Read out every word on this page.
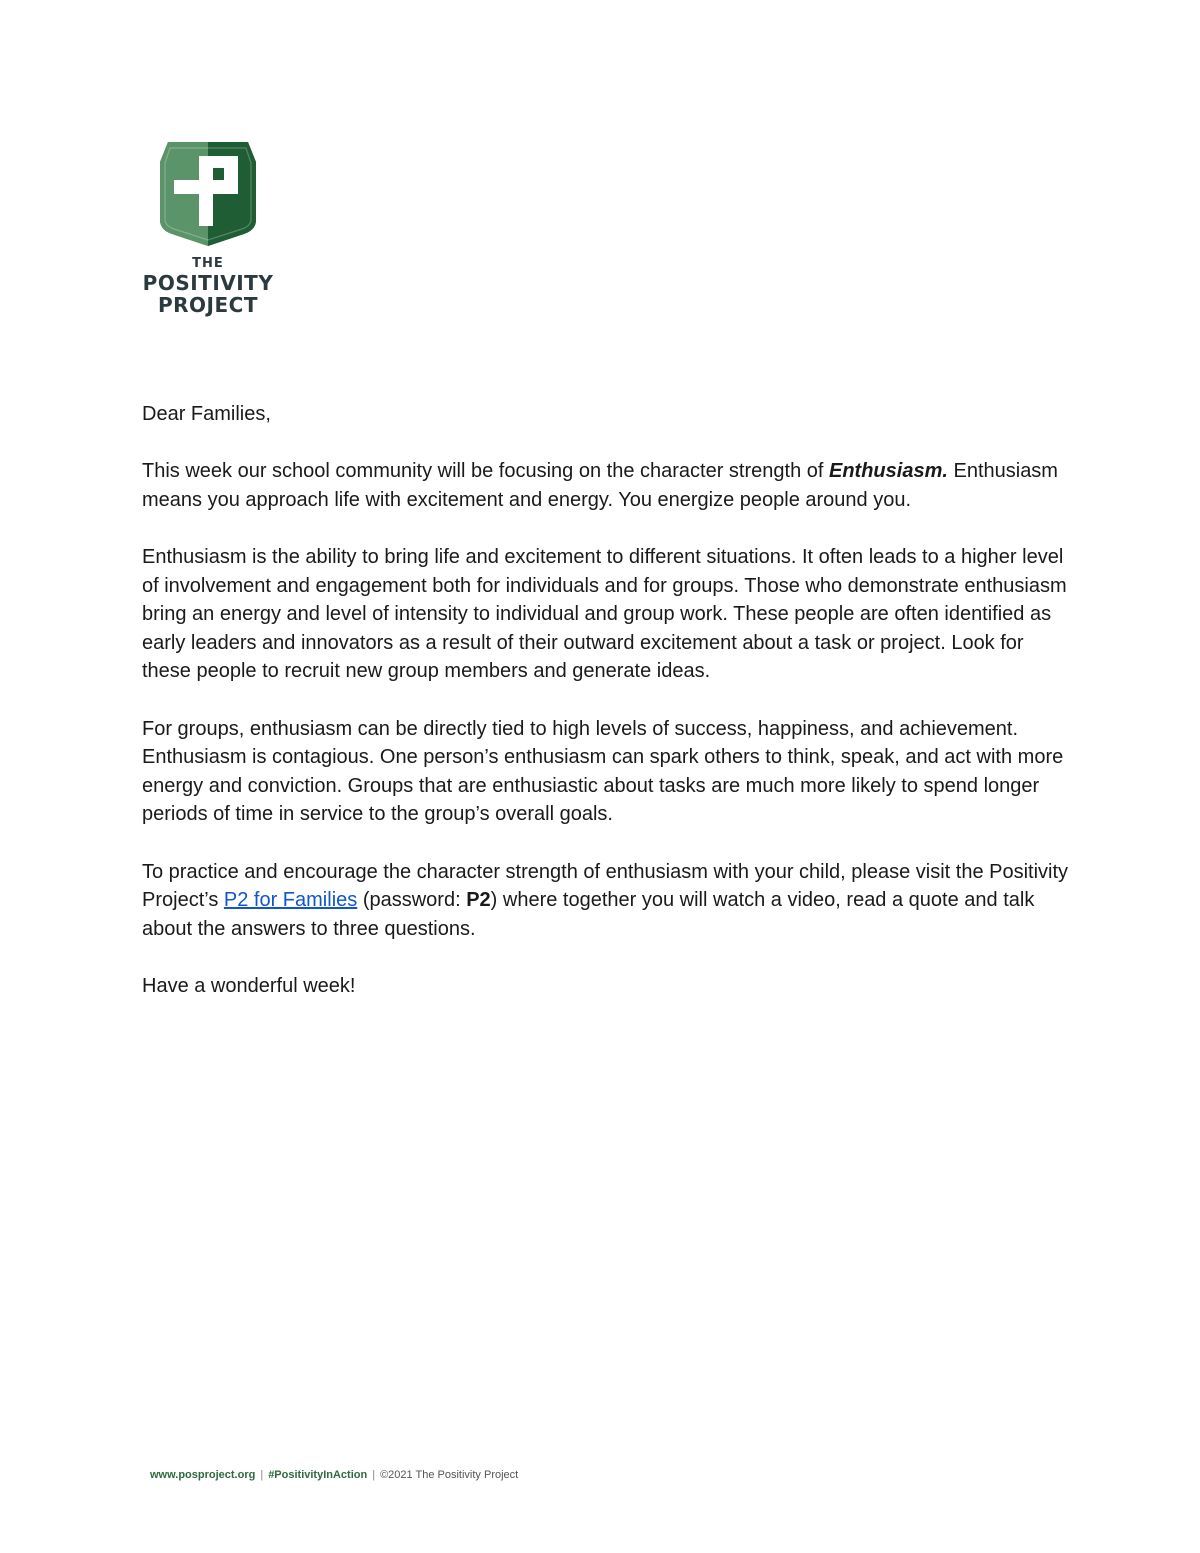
THE
POSITIVITY
PROJECT

Dear Families,

This week our school community will be focusing on the character strength of Enthusiasm. Enthusiasm means you approach life with excitement and energy. You energize people around you.

Enthusiasm is the ability to bring life and excitement to different situations. It often leads to a higher level of involvement and engagement both for individuals and for groups. Those who demonstrate enthusiasm bring an energy and level of intensity to individual and group work. These people are often identified as early leaders and innovators as a result of their outward excitement about a task or project. Look for these people to recruit new group members and generate ideas.

For groups, enthusiasm can be directly tied to high levels of success, happiness, and achievement. Enthusiasm is contagious. One person’s enthusiasm can spark others to think, speak, and act with more energy and conviction. Groups that are enthusiastic about tasks are much more likely to spend longer periods of time in service to the group’s overall goals.

To practice and encourage the character strength of enthusiasm with your child, please visit the Positivity Project’s P2 for Families (password: P2) where together you will watch a video, read a quote and talk about the answers to three questions.

Have a wonderful week!

www.posproject.org | #PositivityInAction | ©2021 The Positivity Project
